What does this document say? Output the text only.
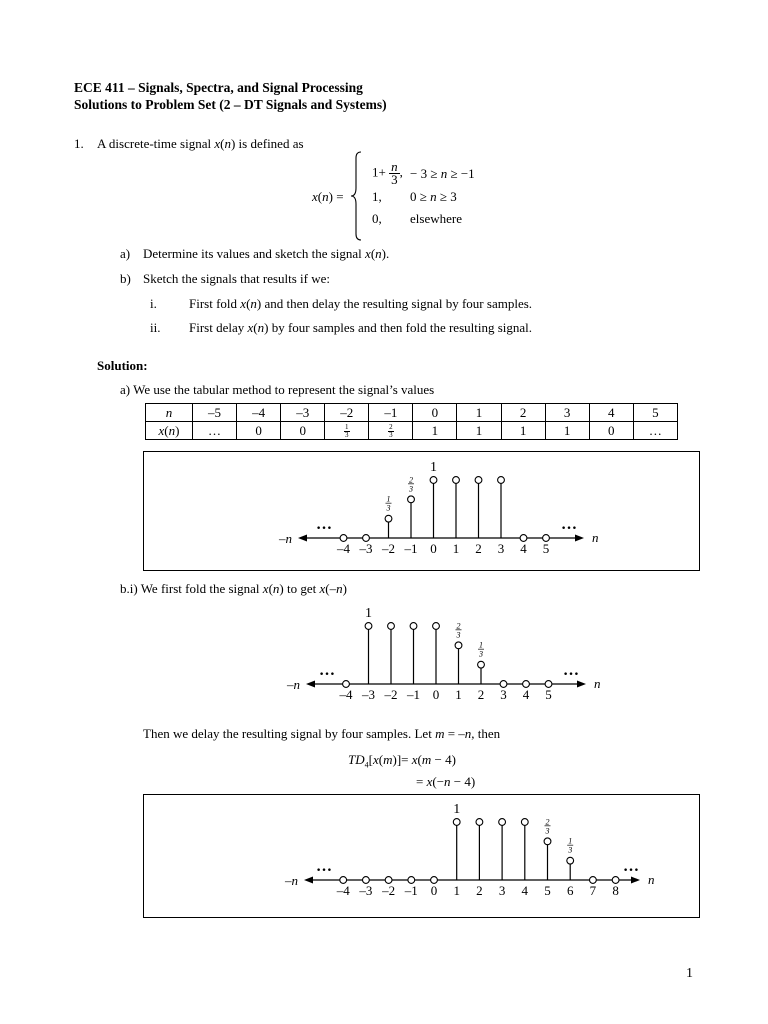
ECE 411 – Signals, Spectra, and Signal Processing
Solutions to Problem Set (2 – DT Signals and Systems)
1. A discrete-time signal x(n) is defined as
x(n) =
$1+ \frac{n}{3}$ , − 3 ≥ n ≥ −1
1, 0 ≥ n ≥ 3
0, elsewhere
a) Determine its values and sketch the signal x(n).
b) Sketch the signals that results if we:
i. First fold x(n) and then delay the resulting signal by four samples.
ii. First delay x(n) by four samples and then fold the resulting signal.
Solution:
a) We use the tabular method to represent the signal’s values
n	–5	–4	–3	–2	–1	0	1	2	3	4	5
x(n)	…	0	0	$\frac{1}{3}$	$\frac{2}{3}$	1	1	1	1	0	…
–n	n
…	…
–4 –3 –2 –1 0 1 2 3 4 5
1
3
2
3
1
b.i) We first fold the signal x(n) to get x(–n)
–n	n
…	…
–4 –3 –2 –1 0 1 2 3 4 5
1
2
3
1
3
Then we delay the resulting signal by four samples. Let m = –n, then
$TD_4[x(m)]= x(m - 4)$
= x(−n − 4)
–n	n
…	…
–4 –3 –2 –1 0 1 2 3 4 5 6 7 8
1
2
3
1
3
1
